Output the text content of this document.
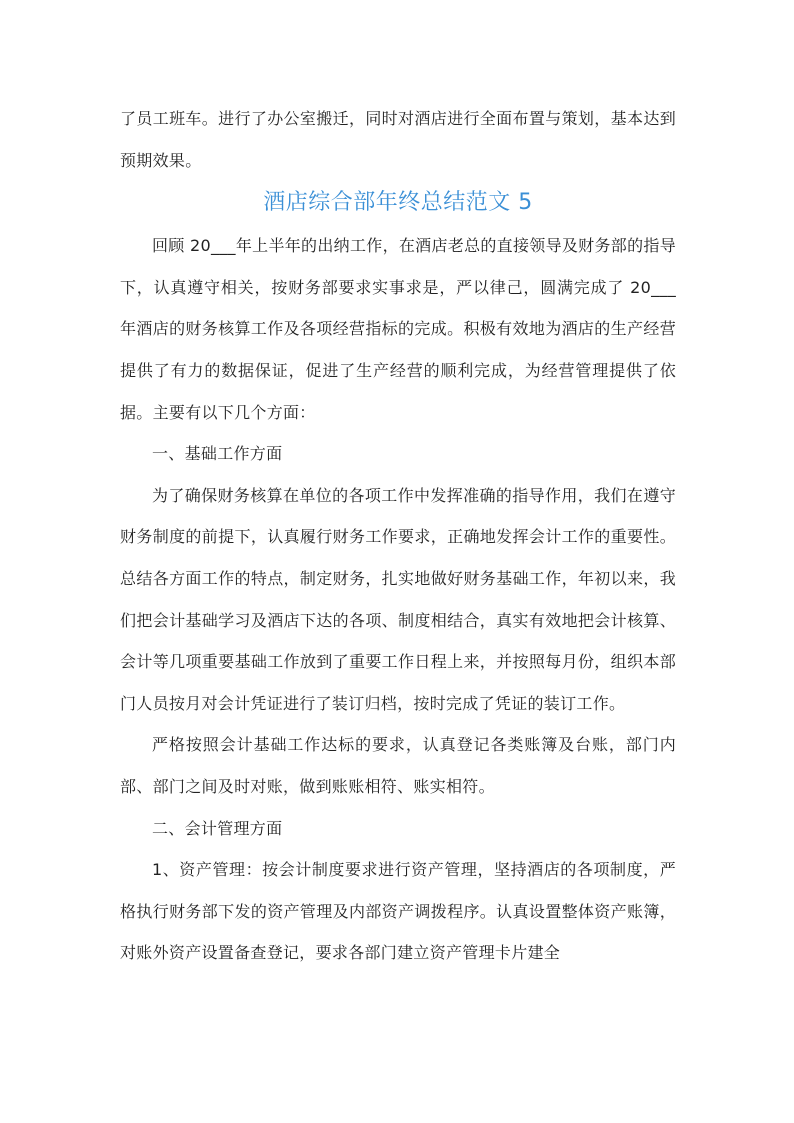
了员工班车。进行了办公室搬迁，同时对酒店进行全面布置与策划，基本达到预期效果。

酒店综合部年终总结范文 5

回顾 20___年上半年的出纳工作，在酒店老总的直接领导及财务部的指导下，认真遵守相关，按财务部要求实事求是，严以律己，圆满完成了 20___年酒店的财务核算工作及各项经营指标的完成。积极有效地为酒店的生产经营提供了有力的数据保证，促进了生产经营的顺利完成，为经营管理提供了依据。主要有以下几个方面：

一、基础工作方面

为了确保财务核算在单位的各项工作中发挥准确的指导作用，我们在遵守财务制度的前提下，认真履行财务工作要求，正确地发挥会计工作的重要性。总结各方面工作的特点，制定财务，扎实地做好财务基础工作，年初以来，我们把会计基础学习及酒店下达的各项、制度相结合，真实有效地把会计核算、会计等几项重要基础工作放到了重要工作日程上来，并按照每月份，组织本部门人员按月对会计凭证进行了装订归档，按时完成了凭证的装订工作。

严格按照会计基础工作达标的要求，认真登记各类账簿及台账，部门内部、部门之间及时对账，做到账账相符、账实相符。

二、会计管理方面

1、资产管理：按会计制度要求进行资产管理，坚持酒店的各项制度，严格执行财务部下发的资产管理及内部资产调拨程序。认真设置整体资产账簿，对账外资产设置备查登记，要求各部门建立资产管理卡片建全
